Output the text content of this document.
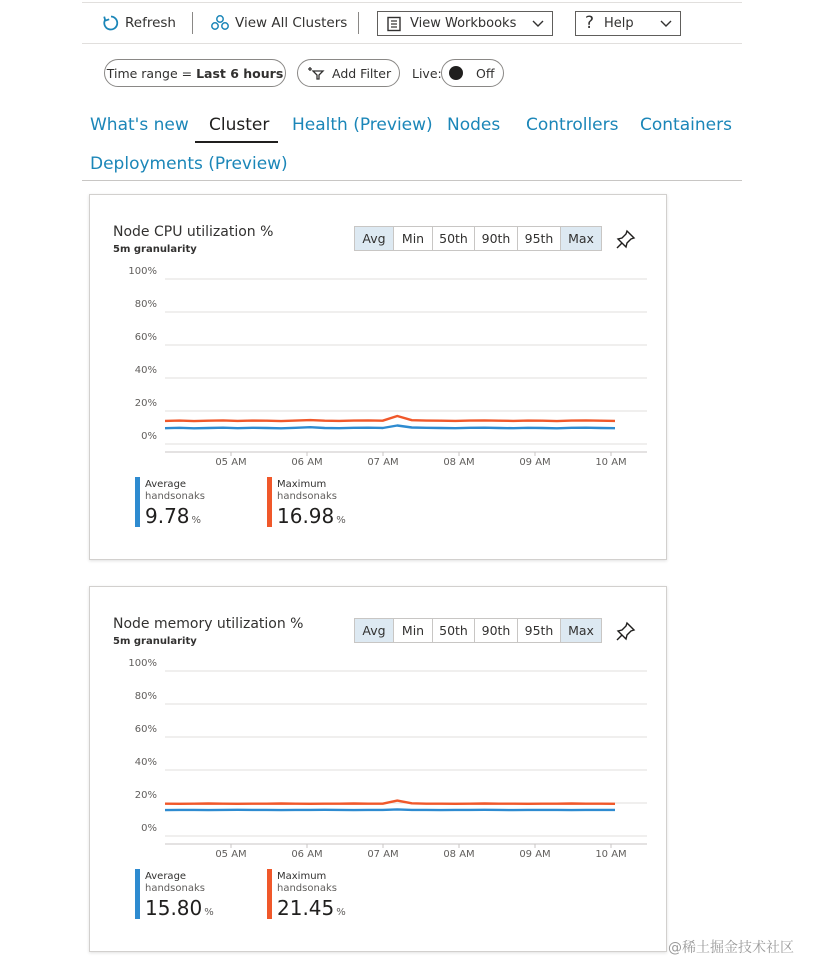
Refresh	View All Clusters	View Workbooks	? Help
Time range = Last 6 hours	Add Filter Live:	Off
What's new Cluster Health (Preview) Nodes Controllers Containers
Deployments (Preview)
Node CPU utilization %
5m granularity
Avg	Min	50th	90th	95th	Max
Average
handsonaks
9.78 %
Maximum
handsonaks
16.98 %
100%
80%
60%
40%
20%
0%
05 AM	06 AM	07 AM	08 AM	09 AM	10 AM
Node memory utilization %
5m granularity
Avg	Min	50th	90th	95th	Max
Average
handsonaks
15.80 %
Maximum
handsonaks
21.45 %
100%
80%
60%
40%
20%
0%
05 AM	06 AM	07 AM	08 AM	09 AM	10 AM
@稀土掘金技术社区
